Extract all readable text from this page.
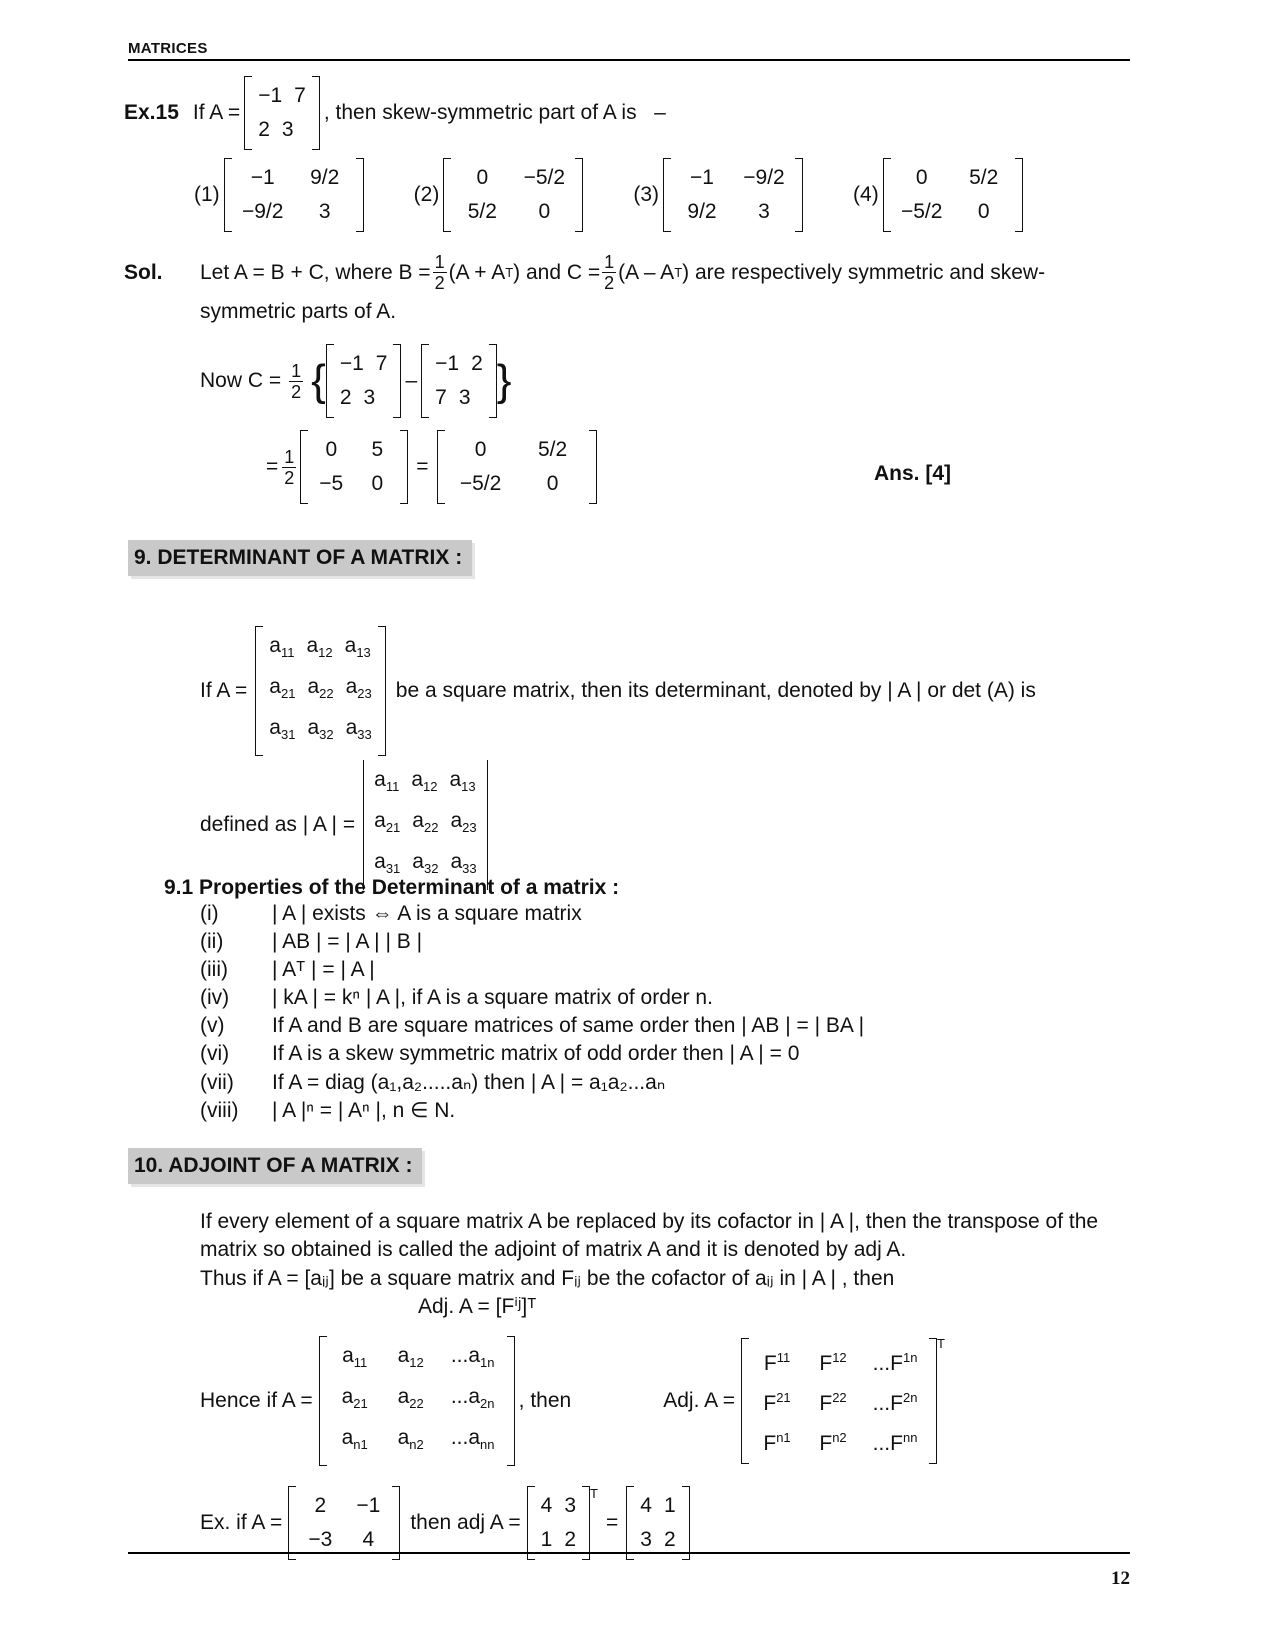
MATRICES
Ex.15 If A =
−1 7
2 3
, then skew-symmetric part of A is   –
(1)
−1	9/2
−9/2	3
(2)
0	−5/2
5/2	0
(3)
−1	−9/2
9/2	3
(4)
0	5/2
−5/2	0
Sol.	Let A = B + C, where $B = \frac{1}{2} (A + A$ T ) and $C = \frac{1}{2} (A - A$ T ) are respectively symmetric and skew-
symmetric parts of A.
Now $C = \frac{1}{2}$ { −1 7
2 3
–
−1 2
7 3 }
= $\frac{1}{2}$	0	5
−5	0
=
0	5/2
−5/2	0	Ans. [4]
9. DETERMINANT OF A MATRIX :
If A =
$a_{11}$ $a_{12}$ $a_{13}$
$a_{21}$ $a_{22}$ $a_{23}$
$a_{31}$ $a_{32}$ $a_{33}$
be a square matrix, then its determinant, denoted by | A | or det (A) is
defined as | A | =
$a_{11}$ $a_{12}$ $a_{13}$
$a_{21}$ $a_{22}$ $a_{23}$
$a_{31}$ $a_{32}$ $a_{33}$
9.1 Properties of the Determinant of a matrix :
(i)	| A | exists ⇔ A is a square matrix
(ii) | AB | = | A | | B |
(iii) | Aᵀ | = | A |
(iv) | kA | = kⁿ | A |, if A is a square matrix of order n.
(v) If A and B are square matrices of same order then | AB | = | BA |
(vi) If A is a skew symmetric matrix of odd order then | A | = 0
(vii) If A = diag (a₁,a₂.....aₙ) then | A | = a₁a₂...aₙ
(viii) | A |ⁿ = | Aⁿ |, n ∈ N.
10. ADJOINT OF A MATRIX :
If every element of a square matrix A be replaced by its cofactor in | A |, then the transpose of the
matrix so obtained is called the adjoint of matrix A and it is denoted by adj A.
Thus if A = [aᵢⱼ] be a square matrix and Fᵢⱼ be the cofactor of aᵢⱼ in | A | , then
Adj. A = [Fⁱʲ]ᵀ
Hence if A =
$a_{11}$	$a_{12}$	$...a_{1n}$
$a_{21}$	$a_{22}$	$...a_{2n}$
$a_{n1}$	$a_{n2}$	$...a_{nn}$
, then	Adj. A =
$F^{11}$	$F^{12}$	$...F^{1n}$
$F^{21}$	$F^{22}$	$...F^{2n}$
$F^{n1}$	$F^{n2}$	$...F^{nn}$
$^T$
Ex. if A =
2	−1
−3	4
then adj A =
4 3
1 2
$^T$
=
4 1
3 2
12
